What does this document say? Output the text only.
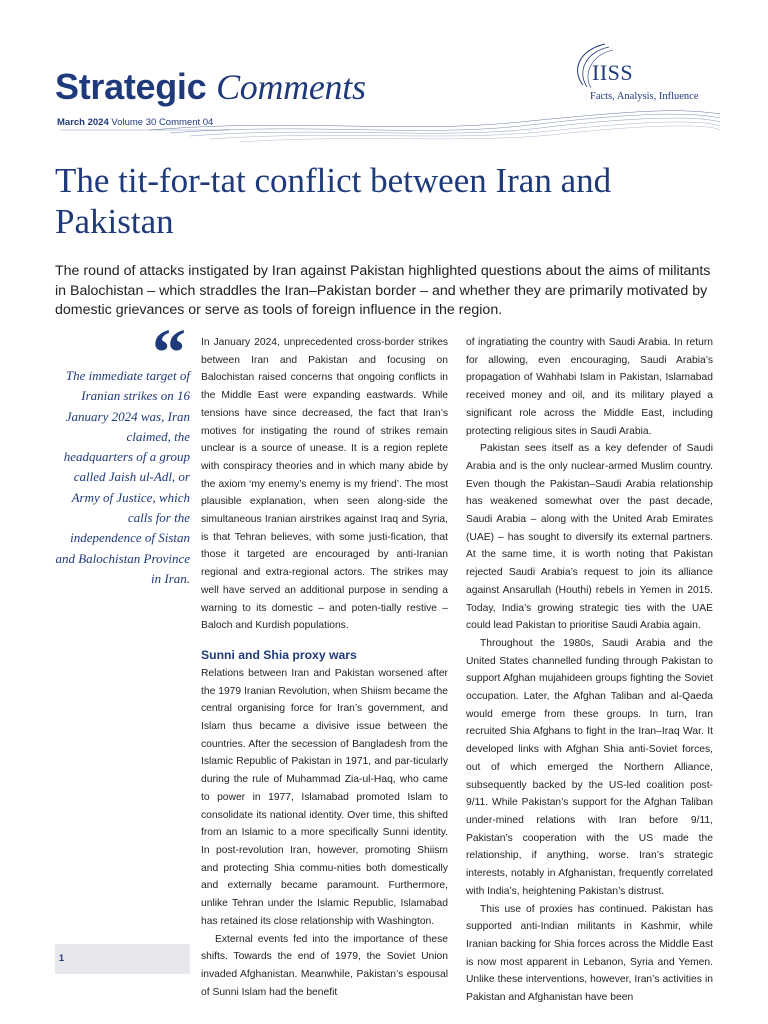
Strategic Comments	IISS
Facts, Analysis, Influence
March 2024 Volume 30 Comment 04
The tit-for-tat conflict between Iran and Pakistan

The round of attacks instigated by Iran against Pakistan highlighted questions about the aims of militants in Balochistan – which straddles the Iran–Pakistan border – and whether they are primarily motivated by domestic grievances or serve as tools of foreign influence in the region.

“

The immediate target of Iranian strikes on 16 January 2024 was, Iran claimed, the headquarters of a group called Jaish ul-Adl, or Army of Justice, which calls for the independence of Sistan and Balochistan Province in Iran.

In January 2024, unprecedented cross-border strikes between Iran and Pakistan and focusing on Balochistan raised concerns that ongoing conflicts in the Middle East were expanding eastwards. While tensions have since decreased, the fact that Iran’s motives for instigating the round of strikes remain unclear is a source of unease. It is a region replete with conspiracy theories and in which many abide by the axiom ‘my enemy’s enemy is my friend’. The most plausible explanation, when seen along-side the simultaneous Iranian airstrikes against Iraq and Syria, is that Tehran believes, with some justi-fication, that those it targeted are encouraged by anti-Iranian regional and extra-regional actors. The strikes may well have served an additional purpose in sending a warning to its domestic – and poten-tially restive – Baloch and Kurdish populations.

Sunni and Shia proxy wars

Relations between Iran and Pakistan worsened after the 1979 Iranian Revolution, when Shiism became the central organising force for Iran’s government, and Islam thus became a divisive issue between the countries. After the secession of Bangladesh from the Islamic Republic of Pakistan in 1971, and par-ticularly during the rule of Muhammad Zia-ul-Haq, who came to power in 1977, Islamabad promoted Islam to consolidate its national identity. Over time, this shifted from an Islamic to a more specifically Sunni identity. In post-revolution Iran, however, promoting Shiism and protecting Shia commu-nities both domestically and externally became paramount. Furthermore, unlike Tehran under the Islamic Republic, Islamabad has retained its close relationship with Washington.

External events fed into the importance of these shifts. Towards the end of 1979, the Soviet Union invaded Afghanistan. Meanwhile, Pakistan’s espousal of Sunni Islam had the benefit

of ingratiating the country with Saudi Arabia. In return for allowing, even encouraging, Saudi Arabia’s propagation of Wahhabi Islam in Pakistan, Islamabad received money and oil, and its military played a significant role across the Middle East, including protecting religious sites in Saudi Arabia.

Pakistan sees itself as a key defender of Saudi Arabia and is the only nuclear-armed Muslim country. Even though the Pakistan–Saudi Arabia relationship has weakened somewhat over the past decade, Saudi Arabia – along with the United Arab Emirates (UAE) – has sought to diversify its external partners. At the same time, it is worth noting that Pakistan rejected Saudi Arabia’s request to join its alliance against Ansarullah (Houthi) rebels in Yemen in 2015. Today, India’s growing strategic ties with the UAE could lead Pakistan to prioritise Saudi Arabia again.

Throughout the 1980s, Saudi Arabia and the United States channelled funding through Pakistan to support Afghan mujahideen groups fighting the Soviet occupation. Later, the Afghan Taliban and al-Qaeda would emerge from these groups. In turn, Iran recruited Shia Afghans to fight in the Iran–Iraq War. It developed links with Afghan Shia anti-Soviet forces, out of which emerged the Northern Alliance, subsequently backed by the US-led coalition post-9/11. While Pakistan’s support for the Afghan Taliban under-mined relations with Iran before 9/11, Pakistan’s cooperation with the US made the relationship, if anything, worse. Iran’s strategic interests, notably in Afghanistan, frequently correlated with India’s, heightening Pakistan’s distrust.

This use of proxies has continued. Pakistan has supported anti-Indian militants in Kashmir, while Iranian backing for Shia forces across the Middle East is now most apparent in Lebanon, Syria and Yemen. Unlike these interventions, however, Iran’s activities in Pakistan and Afghanistan have been

1
